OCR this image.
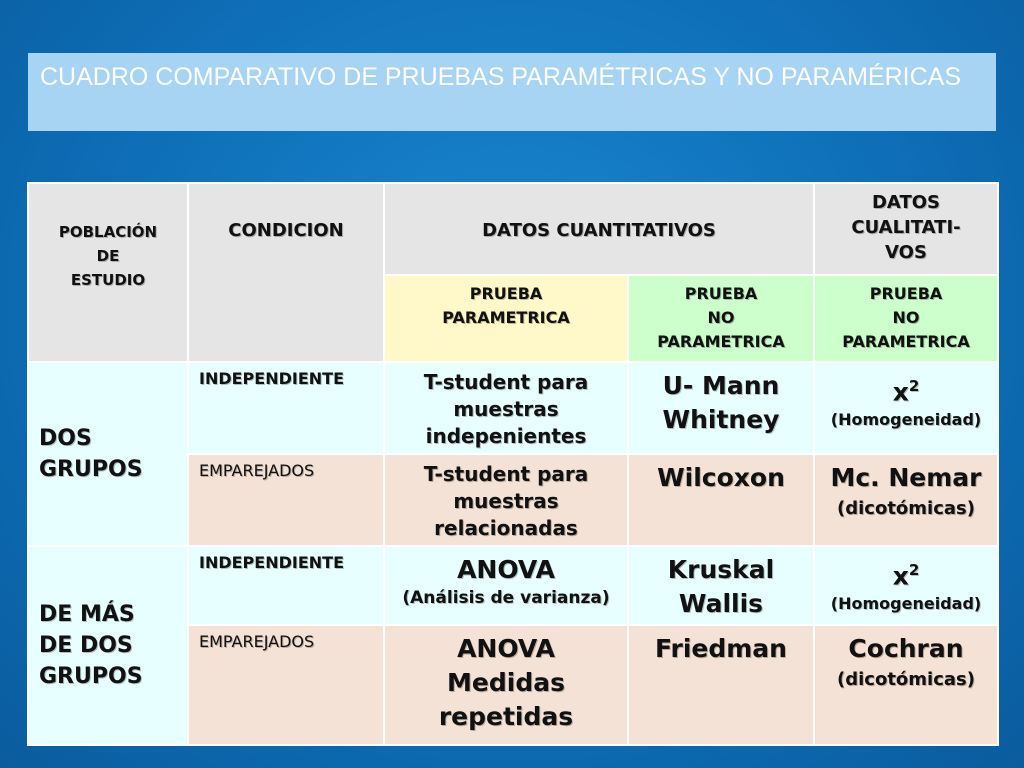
CUADRO COMPARATIVO DE PRUEBAS PARAMÉTRICAS Y NO PARAMÉRICAS
POBLACIÓN
DE
ESTUDIO	CONDICION	DATOS CUANTITATIVOS		DATOS
CUALITATI-
VOS

		PRUEBA
PARAMETRICA	PRUEBA
NO
PARAMETRICA	PRUEBA
NO
PARAMETRICA

DOS
GRUPOS	INDEPENDIENTE	T-student para
muestras
indepenientes	U- Mann
Whitney	$x^2$
(Homogeneidad)

	EMPAREJADOS	T-student para
muestras
relacionadas	Wilcoxon	Mc. Nemar
(dicotómicas)

DE MÁS
DE DOS
GRUPOS	INDEPENDIENTE	ANOVA
(Análisis de varianza)	Kruskal
Wallis	$x^2$
(Homogeneidad)

	EMPAREJADOS	ANOVA
Medidas
repetidas	Friedman	Cochran
(dicotómicas)
